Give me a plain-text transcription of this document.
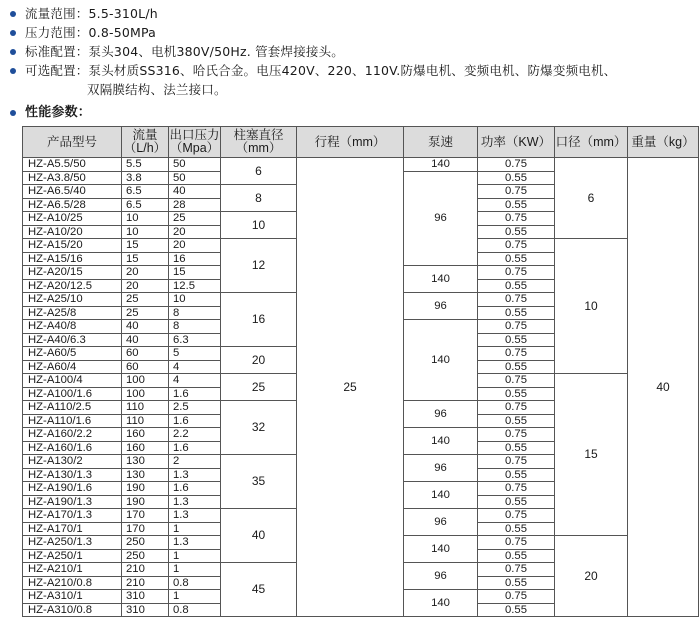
流量范围：5.5-310L/h
压力范围：0.8-50MPa
标准配置：泵头304、电机380V/50Hz. 管套焊接接头。
可选配置：泵头材质SS316、哈氏合金。电压420V、220、110V.防爆电机、变频电机、防爆变频电机、
双隔膜结构、法兰接口。
性能参数：
产品型号	流量
（L/h）	出口压力
（Mpa）	柱塞直径
（mm）	行程（mm）	泵速	功率（KW）	口径（mm）	重量（kg）
HZ-A5.5/50	5.5	50	6	25	140	0.75	6	40
HZ-A3.8/50	3.8	50			96	0.55		
HZ-A6.5/40	6.5	40	8			0.75		
HZ-A6.5/28	6.5	28				0.55		
HZ-A10/25	10	25	10			0.75		
HZ-A10/20	10	20				0.55		
HZ-A15/20	15	20	12			0.75	10	
HZ-A15/16	15	16				0.55		
HZ-A20/15	20	15			140	0.75		
HZ-A20/12.5	20	12.5				0.55		
HZ-A25/10	25	10	16		96	0.75		
HZ-A25/8	25	8				0.55		
HZ-A40/8	40	8			140	0.75		
HZ-A40/6.3	40	6.3				0.55		
HZ-A60/5	60	5	20			0.75		
HZ-A60/4	60	4				0.55		
HZ-A100/4	100	4	25			0.75	15	
HZ-A100/1.6	100	1.6				0.55		
HZ-A110/2.5	110	2.5	32		96	0.75		
HZ-A110/1.6	110	1.6				0.55		
HZ-A160/2.2	160	2.2			140	0.75		
HZ-A160/1.6	160	1.6				0.55		
HZ-A130/2	130	2	35		96	0.75		
HZ-A130/1.3	130	1.3				0.55		
HZ-A190/1.6	190	1.6			140	0.75		
HZ-A190/1.3	190	1.3				0.55		
HZ-A170/1.3	170	1.3	40		96	0.75		
HZ-A170/1	170	1				0.55		
HZ-A250/1.3	250	1.3			140	0.75	20	
HZ-A250/1	250	1				0.55		
HZ-A210/1	210	1	45		96	0.75		
HZ-A210/0.8	210	0.8				0.55		
HZ-A310/1	310	1			140	0.75		
HZ-A310/0.8	310	0.8				0.55		
